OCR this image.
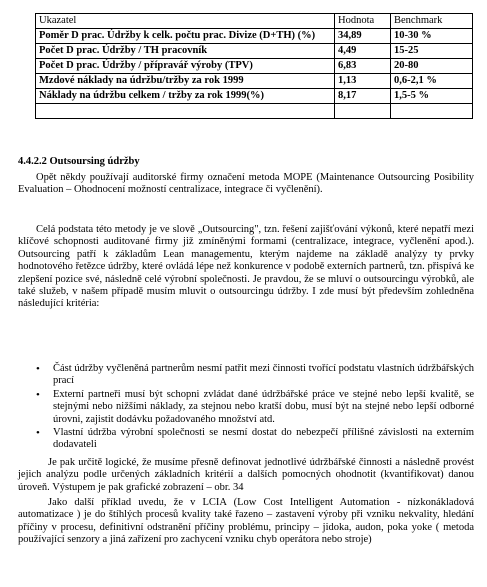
Ukazatel	Hodnota	Benchmark
Poměr D prac. Údržby k celk. počtu prac. Divize (D+TH) (%)	34,89	10-30 %
Počet D prac. Údržby / TH pracovník	4,49	15-25
Počet D prac. Údržby / přípravář výroby (TPV)	6,83	20-80
Mzdové náklady na údržbu/tržby za rok 1999	1,13	0,6-2,1 %
Náklady na údržbu celkem / tržby za rok 1999(%)	8,17	1,5-5 %

4.4.2.2 Outsoursing údržby

Opět někdy používají auditorské firmy označení metoda MOPE (Maintenance Outsourcing Posibility Evaluation – Ohodnocení možností centralizace, integrace či vyčlenění).

Celá podstata této metody je ve slově „Outsourcing", tzn. řešení zajišťování výkonů, které nepatří mezi klíčové schopnosti auditované firmy již zmíněnými formami (centralizace, integrace, vyčlenění apod.). Outsourcing patří k základům Lean managementu, kterým najdeme na základě analýzy ty prvky hodnotového řetězce údržby, které ovládá lépe než konkurence v podobě externích partnerů, tzn. přispívá ke zlepšení pozice své, následně celé výrobní společnosti. Je pravdou, že se mluví o outsourcingu výrobků, ale také služeb, v našem případě musím mluvit o outsourcingu údržby. I zde musí být především zohledněna následující kritéria:

• Část údržby vyčleněná partnerům nesmí patřit mezi činnosti tvořící podstatu vlastních údržbářských prací
• Externí partneři musí být schopni zvládat dané údržbářské práce ve stejné nebo lepší kvalitě, se stejnými nebo nižšími náklady, za stejnou nebo kratší dobu, musí být na stejné nebo lepší odborné úrovni, zajistit dodávku požadovaného množství atd.
• Vlastní údržba výrobní společnosti se nesmí dostat do nebezpečí přílišné závislosti na externím dodavateli

Je pak určitě logické, že musíme přesně definovat jednotlivé údržbářské činnosti a následně provést jejich analýzu podle určených základních kritérií a dalších pomocných ohodnotit (kvantifikovat) danou úroveň. Výstupem je pak grafické zobrazení – obr. 34

Jako další příklad uvedu, že v LCIA (Low Cost Intelligent Automation - nízkonákladová automatizace ) je do štíhlých procesů kvality také řazeno – zastavení výroby při vzniku nekvality, hledání příčiny v procesu, definitivní odstranění příčiny problému, principy – jidoka, audon, poka yoke ( metoda používající senzory a jiná zařízení pro zachycení vzniku chyb operátora nebo stroje)
